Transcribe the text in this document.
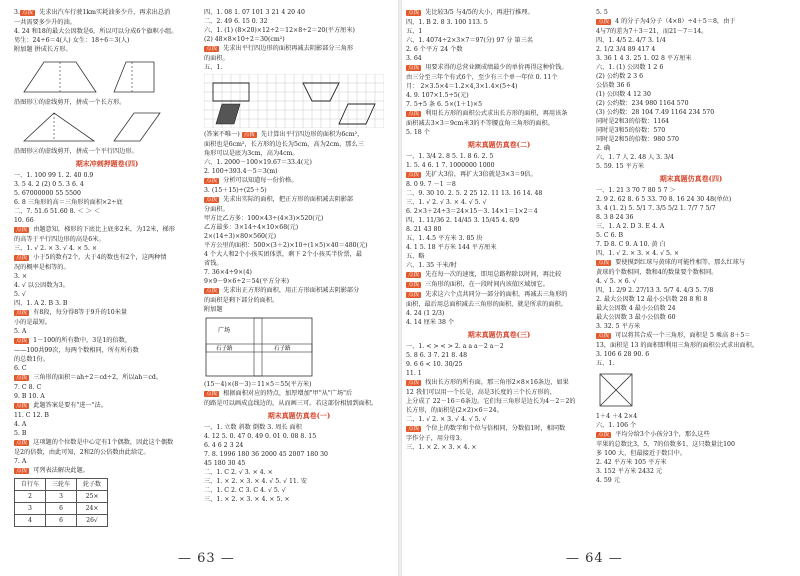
3. 点拨 先求出汽车行驶1km实耗油多少升，再求出总消
一共需要多少升的油。
4. 24 和18的最大公因数是6，所以可以分成6个旗帜小组。
男生：24÷6＝4(人) 女生：18÷6＝3(人)
附加题 拼成长方形。
沿图形①的虚线剪开，拼成一个长方形。
沿图形②的虚线剪开，拼成一个平行四边形。
期末冲刺押题卷(四)
一、1. 100 99 1. 2. 40 0.9
3. 5 4. 2 (2) 0 5. 3 6. 4
5. 67000000 55 5500
6. 8 三角形的高＝三角形的面积×2÷底
二、7. 51.6 51.60 8. ＜ ＞ ＜
10. 66
点拨 由题意知，梯形的下底比上底多2米，为12米，梯形
的高等于平行四边形的高是6米。
三、1. √ 2. × 3. √ 4. × 5. ×
点拨 小于5的数有2个，大于4的数也有2个，这两种情
况的概率是相等的。
3. ×
4. √ 以公因数为3。
5. √
四、1. A 2. B 3. B
点拨 有8段，每分得8等于9升的10米量
小的是最短。
5. A
点拨 1－100的所有数中，3是1的倍数，
——100共99次，每两个数相同，所有所有数
的总数1份。
6. C
点拨 三角形的面积＝ah÷2＝cd÷2，所以ah＝cd。
7. C 8. C
9. B 10. A
点拨 此题答案是要有"进一"法。
11. C 12. B
4. A
5. B
点拨 这项题的个位数是中心定有1个偶数，因此这个偶数
是2的倍数，由此可知，2和2的公倍数由此给定。
7. A
点拨 可列表法解决此题。
自行车	三轮车	轮子数
2	3	25×
3	6	24×
4	6	26√
四、1. 08 1. 07 101 3 21 4 20 40
二、2. 49 6. 15 0. 32
六、1. (1) (8×20)×12÷2＝12×8÷2＝20(平方厘米)
(2) 48×8×10÷2＝30(cm²)
点拨 先求出平行四边形的面积再减去阴影部分三角形
的面积。
五、1.
(答案不唯一) 点拨 先计算出平行四边形的面积为6cm²，
面积也是6cm²，长方形的边长为5cm，高为2cm，那么三
角形可以是底为3cm，高为4cm。
六、1. 2000－100×19.67＝33.4(元)
2. 100÷393.4－5＝3(m)
点拨 分析可以知道每一份价格。
3. (15＋15)÷(25＋5)
点拨 先求出实际的面积，把正方形的面积减去阴影部
分面积。
甲方比乙方多：100×43÷(4×3)×520(元)
乙方最多：3×14÷4×10×68(元)
2×(14÷3)×80×560(元)
平方公里的面积：500×(3＋2)×10÷(1×5)×40＝480(元)
4 个大人和2个小孩买团体票，剩下 2个小孩买半价票，最
省钱。
7. 36×4÷9×(4)
9×9－9×6÷2＝54(平方分米)
点拨 先求出正方形的面积，用正方形面积减去阴影部分
的面积是剩下部分的面积。
附加题
广场
石子路	石子路
(15－4)×(8－3)＝11×5＝55(平方米)
点拨 根据面积对应的特点，加厚增加"甲"从"广场"后
的路是可以画成直线边的，从而画三可。若这部份相加到面积。
期末真题仿真卷(一)
一、1. 立数 斜数 倒数 3. 周长 面积
4. 12 5. 0. 47 0. 49 0. 01 0. 08 8. 15
6. 4 6 2 3 24
7. 8. 1996 180 36 2000 45 2007 180 30
45 180 30 45
二、1. C 2. √ 3. × 4. ×
三、1. × 2. × 3. × 4. √ 5. √ 11. 安
二、1. C 2. C 3. C 4. √ 5. √
三、1. × 2. × 3. × 4. × 5. ×
— 63 —
点拨 先比较3/5 与4/5的大小，再进行推理。
四、1. B 2. 8 3. 100 113. 5
五、1
六、1. 4074÷2×3×7＝97(分) 97 分 第三名
2. 6 个平方 24 个数
3. 64
点拨 用要求得的总营业额成绩最少的单价再得这种价钱。
由三分至三年个有式6个，至少有三个单一年位 0. 11个
月： 2×3.5×4＝1.2×4,3×1.4×(5÷4)
4. 9. 107×1.5÷5(元)
7. 5+5 条 6. 5×(1＋1)×5
点拨 利用长方形的面积公式求出长方形的面积，再用该条
面积减去3×3＝9cm米3的不等腰直角三角形的面积。
5. 18 个
期末真题仿真卷(二)
一、1. 3/4 2. 8 5. 1. 8 6. 2. 5
1. 5. 4 6. 1 7. 1000000 1000
点拨 先扩大3倍，再扩大3倍就是3×3＝9倍。
8. 0 9. 7 －1 ＝8
二、9. 30 10. 2. 5. 2 25 12. 11 13. 16 14. 48
三、1. √ 2. √ 3. × 4. √ 5. √
6. 2×3＋24÷3＝24×15－3. 14×1＝1×2＝4
四、1. 11/36 2. 14/45 3. 15/45 4. 8/9
8. 21 43 80
五、1. 4.5 平方米 3. 85 块
4. 1 5. 18 平方米 144 平方厘米
五、略
六、1. 35 千米/时
点拨 先在每一次的速度，即用总路程除以时间，再比较
点拨 三角形的面积，在一段时间内该值区域加它。
点拨 先求这六个点共同分一部分的面积，再减去三角形的
面积，最后用总面积减去三角形的面积，就是所求的面积。
4. 24 (1 2/3)
4. 14 厘米 38 个
期末真题仿真卷(三)
一、1. < > < > 2. a a a－2 a－2
5. 8 6. 3 7. 21 8. 48
9. 6 6 < 10. 30/25
11. 1
点拨 找出长方形的所有面，那三角形2×8×16条边，如果
12 我们可以用一个长是，高是3长度的三个长方形的，
上分成了 22－16＝6条边。它们每三角形是边长为4－2＝2的
长方形，的面积是(2×2)×6＝24。
二、1. √ 2. × 3. √ 4. √ 5. √
点拨 个位上的数字和个位与倍相同，分数值1时，相同数
字作分子，用分母3。
三、1. × 2. × 3. × 4. ×
5. 5
点拨 4 的分子为4分子（4×8）÷4＋5＝8，由于
4与7的差为7＋3＝21，而21－7＝14。
四、1. 4/5 2. 4/7 3. 1/4
2. 1/2 3/4 89 417 4
3. 36 1 4 3. 25 1. 02 8 平方厘米
六、1. (1) 公因数 1 2 6
(2) 公约数 2 3 6
公倍数 36 6
(1) 公因数 4 12 30
(2) 公约数：234 980 1164 570
(3) 公约数：28 104 7.49 1164 234 570
同时是2和3的倍数：1164
同时是3和5的倍数：570
同时是2和5的倍数：980 570
2. 确
六、1. 7 人 2. 48 人 3. 3/4
5. 59. 15 平方米
期末真题仿真卷(四)
一、1. 21 3 70 7 80 5 7 ＞
2. 9 2. 62 8. 6 5 33. 70 8. 16 24 30 48(单位)
3. 4 (1. 2) 5. 5/1 7. 3/5 5/2 1. 7/7 7 5/7
8. 3 8 24 36
三、1. A 2. D 3. E 4. A
5. C 6. B
7. D 8. C 9. A 10. 黄 白
四、1. √ 2. × 3. × 4. √ 5. ×
点拨 要使摸到红球与黄球的可能性相等，那么红球与
黄球的个数相同，数和4的数量要个数相同。
4. √ 5. × 6. √
四、1. 2/9 2. 27/13 3. 5/7 4. 4/3 5. 7/8
2. 最大公因数 12 最小公倍数 28 8 和 8
最大公因数 4 最小公倍数 24
最大公因数 3 最小公倍数 60
3. 32. 5 平方米
点拨 可以将其合成一个三角形，面积是 5 乘高 8＋5＝
13，面积是 13 的面积即利用三角形的面积公式求出面积。
3. 106 6 28 90. 6
五、1.
1＋4 ＋4 2×4
六、1. 106 个
点拨 平均分给3个小孩分3个，那么这些
苹果的总数比3，5，7的倍数多1，这只数量比100
多 100 大，但最接近于数目中。
2. 42 平方米 105 平方米
3. 152 平方米 2432 元
4. 59 元
— 64 —
